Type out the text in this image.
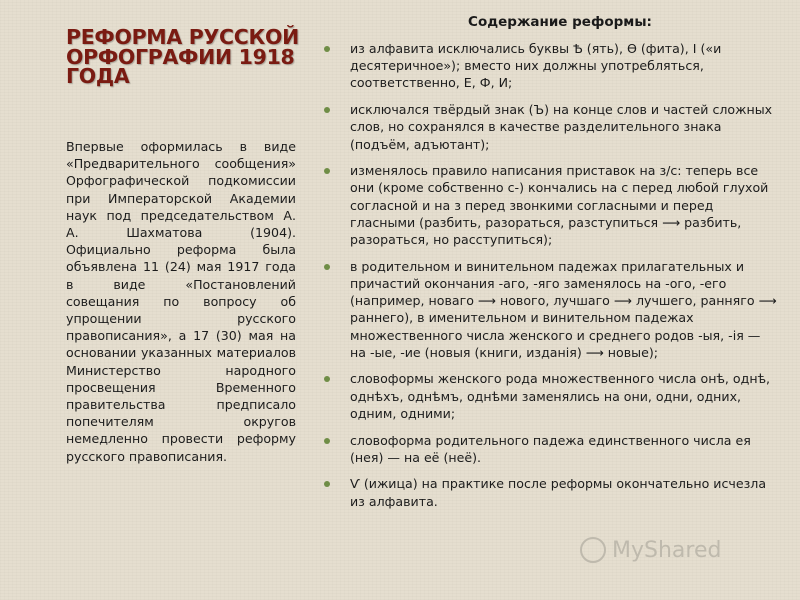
РЕФОРМА РУССКОЙ ОРФОГРАФИИ 1918 ГОДА
Впервые оформилась в виде «Предварительного сообщения» Орфографической подкомиссии при Императорской Академии наук под председательством А. А. Шахматова (1904). Официально реформа была объявлена 11 (24) мая 1917 года в виде «Постановлений совещания по вопросу об упрощении русского правописания», а 17 (30) мая на основании указанных материалов Министерство народного просвещения Временного правительства предписало попечителям округов немедленно провести реформу русского правописания.
Содержание реформы:
из алфавита исключались буквы Ѣ (ять), Ѳ (фита), І («и десятеричное»); вместо них должны употребляться, соответственно, Е, Ф, И;
исключался твёрдый знак (Ъ) на конце слов и частей сложных слов, но сохранялся в качестве разделительного знака (подъём, адъютант);
изменялось правило написания приставок на з/с: теперь все они (кроме собственно с-) кончались на с перед любой глухой согласной и на з перед звонкими согласными и перед гласными (разбить, разораться, разступиться ⟶ разбить, разораться, но расступиться);
в родительном и винительном падежах прилагательных и причастий окончания -аго, -яго заменялось на -ого, -его (например, новаго ⟶ нового, лучшаго ⟶ лучшего, ранняго ⟶ раннего), в именительном и винительном падежах множественного числа женского и среднего родов -ыя, -ія — на -ые, -ие (новыя (книги, изданія) ⟶ новые);
словоформы женского рода множественного числа онѣ, однѣ, однѣхъ, однѣмъ, однѣми заменялись на они, одни, одних, одним, одними;
словоформа родительного падежа единственного числа ея (нея) — на её (неё).
Ѵ (ижица) на практике после реформы окончательно исчезла из алфавита.
MyShared
